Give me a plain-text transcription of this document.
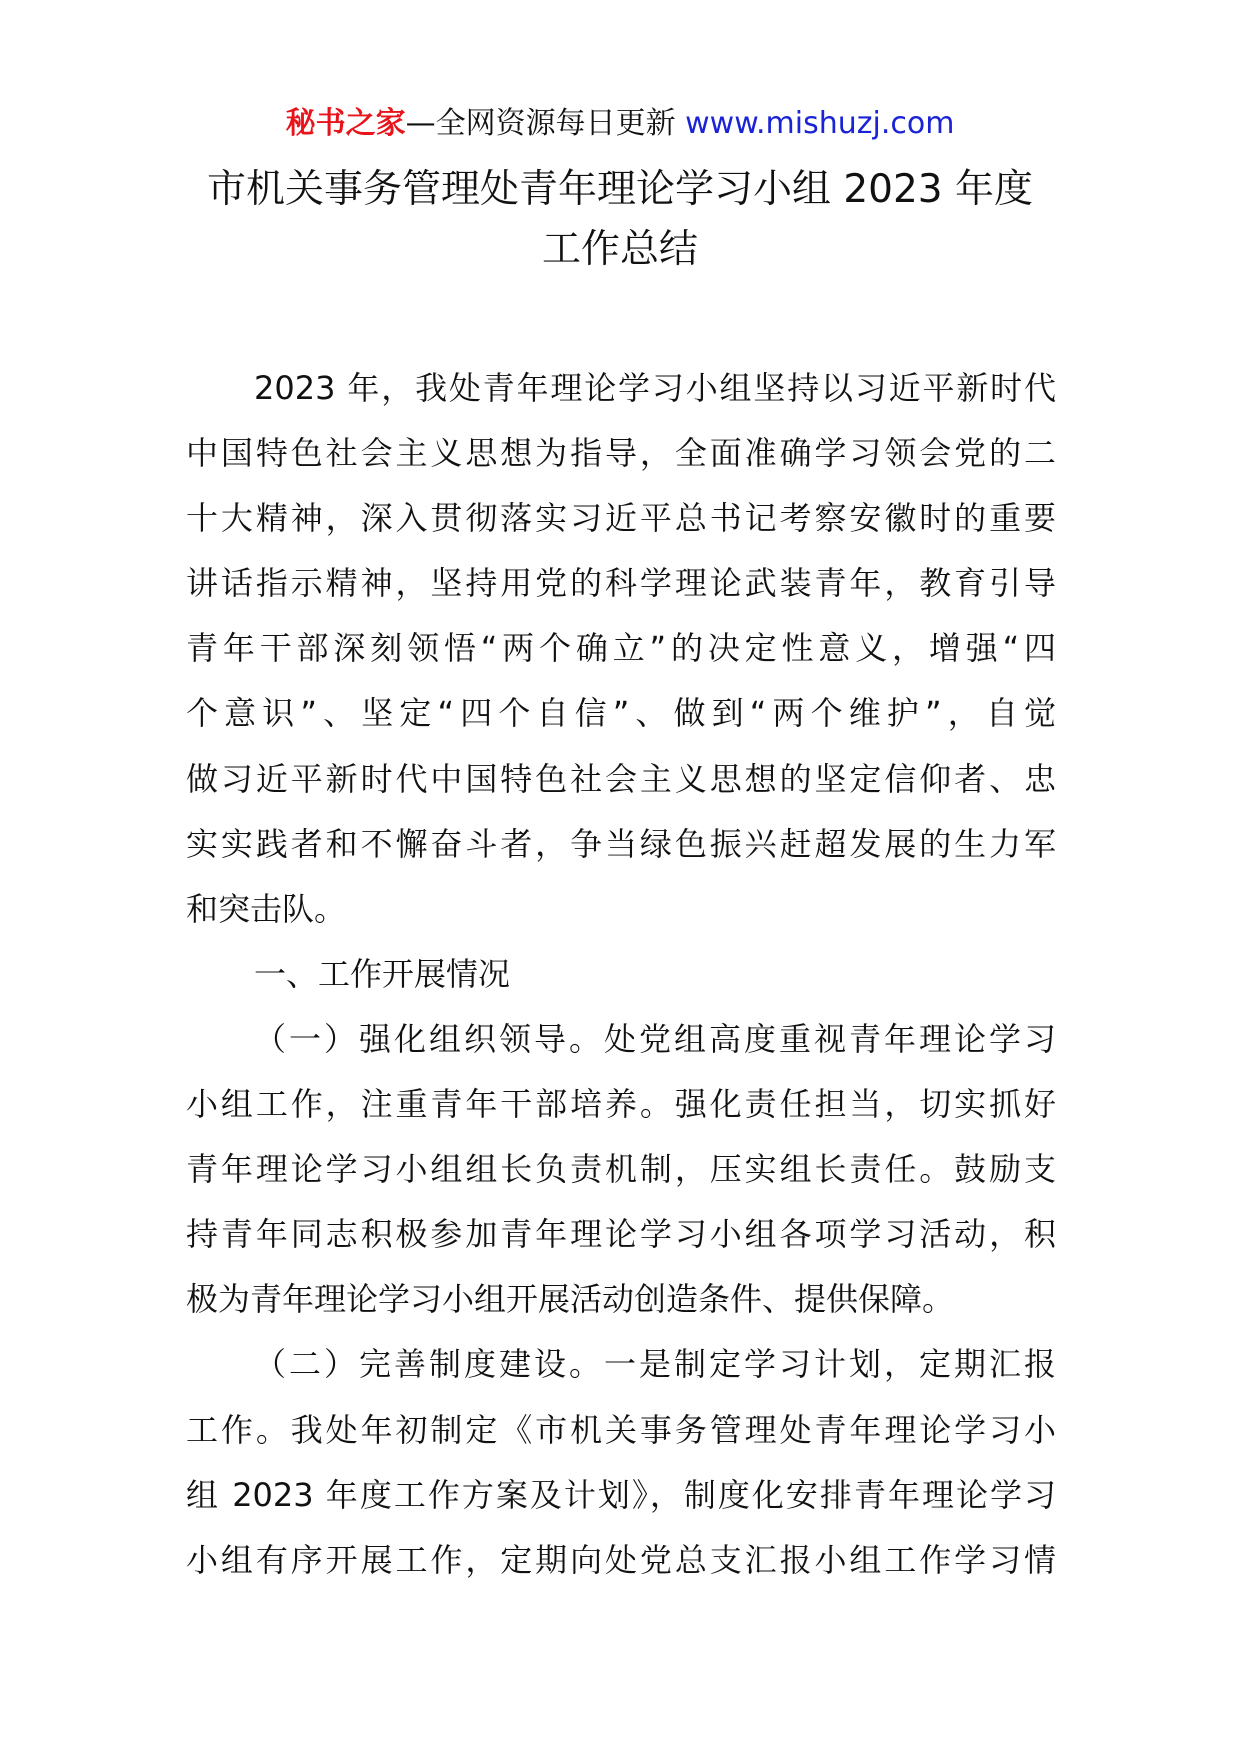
秘书之家—全网资源每日更新 www.mishuzj.com
市机关事务管理处青年理论学习小组 2023 年度
工作总结
2023 年，我处青年理论学习小组坚持以习近平新时代
中国特色社会主义思想为指导，全面准确学习领会党的二
十大精神，深入贯彻落实习近平总书记考察安徽时的重要
讲话指示精神，坚持用党的科学理论武装青年，教育引导
青年干部深刻领悟“两个确立”的决定性意义，增强“四
个意识”、坚定“四个自信”、做到“两个维护”，自觉
做习近平新时代中国特色社会主义思想的坚定信仰者、忠
实实践者和不懈奋斗者，争当绿色振兴赶超发展的生力军
和突击队。
一、工作开展情况
（一）强化组织领导。处党组高度重视青年理论学习
小组工作，注重青年干部培养。强化责任担当，切实抓好
青年理论学习小组组长负责机制，压实组长责任。鼓励支
持青年同志积极参加青年理论学习小组各项学习活动，积
极为青年理论学习小组开展活动创造条件、提供保障。
（二）完善制度建设。一是制定学习计划，定期汇报
工作。我处年初制定《市机关事务管理处青年理论学习小
组 2023 年度工作方案及计划》，制度化安排青年理论学习
小组有序开展工作，定期向处党总支汇报小组工作学习情
